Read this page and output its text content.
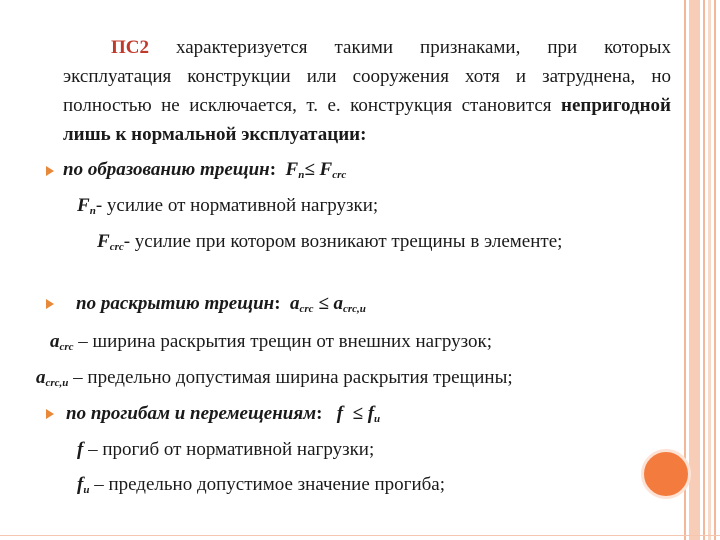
ПС2 характеризуется такими признаками, при которых эксплуатация конструкции или сооружения хотя и затруднена, но полностью не исключается, т. е. конструкция становится непригодной лишь к нормальной эксплуатации:
по образованию трещин:  $F_n\le F_{crc}$
$F_n-$ усилие от нормативной нагрузки;
$F_{crc}-$ усилие при котором возникают трещины в элементе;
по раскрытию трещин:  $a_{crc} \le a_{crc,u}$
$a_{crc}$ – ширина раскрытия трещин от внешних нагрузок;
$a_{crc,u}$ – предельно допустимая ширина раскрытия трещины;
по прогибам и перемещениям:   $f \le f_u$
f – прогиб от нормативной нагрузки;
$f_u$ – предельно допустимое значение прогиба;
